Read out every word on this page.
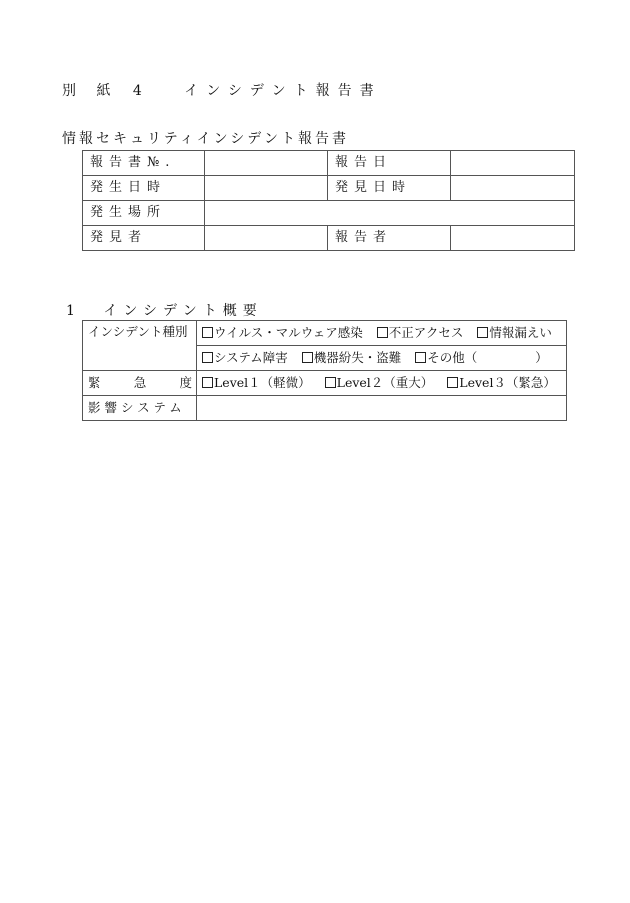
別 紙 4 インシデント報告書
情報セキュリティインシデント報告書
報告書№.		報告日	
発生日時		発見日時	
発生場所			
発見者		報告者	
1 インシデント概要
インシデント種別	ウイルス・マルウェア感染 不正アクセス 情報漏えい
	システム障害 機器紛失・盗難 その他（ ）

緊 急 度	Level１（軽微） Level２（重大） Level３（緊急）
影響システム	
